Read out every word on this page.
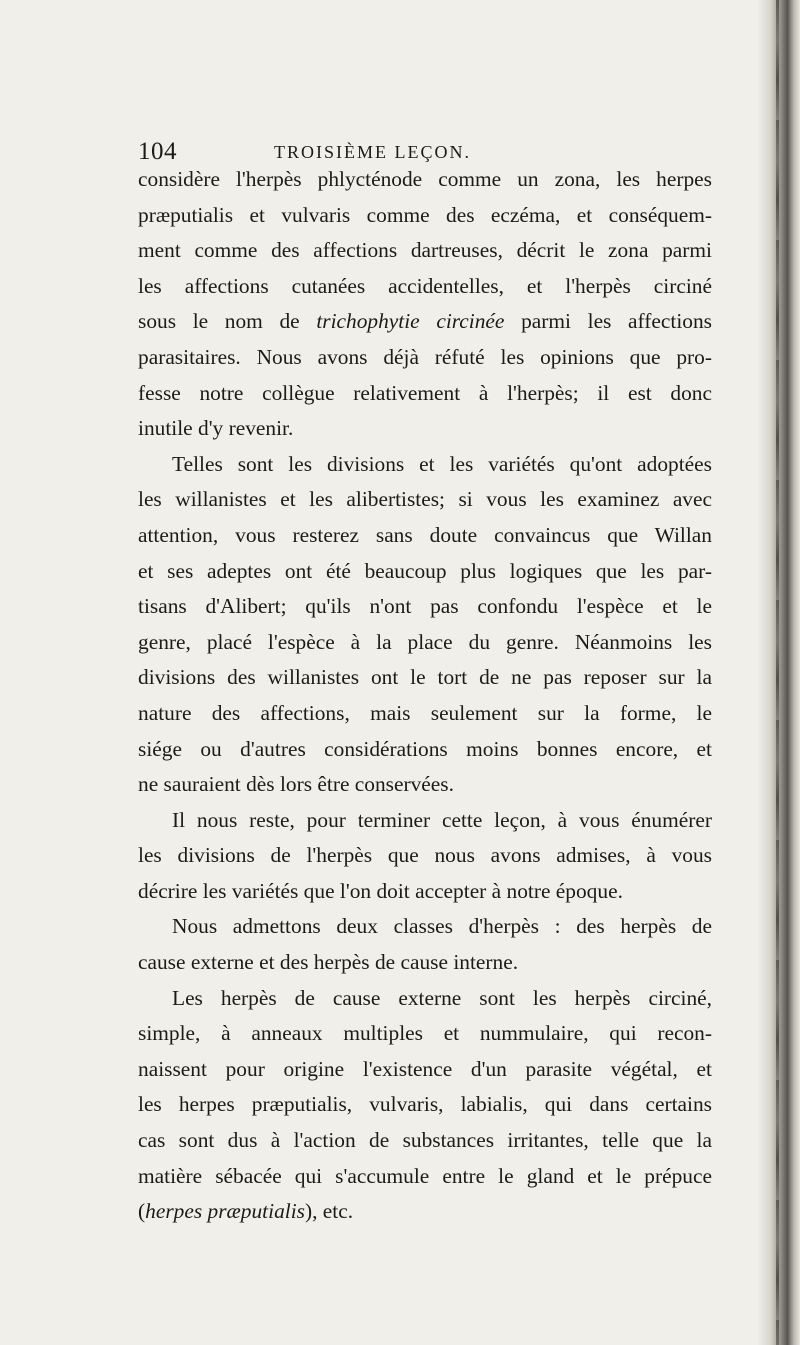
104	TROISIÈME LEÇON.

considère l'herpès phlycténode comme un zona, les herpes
præputialis et vulvaris comme des eczéma, et conséquem-
ment comme des affections dartreuses, décrit le zona parmi
les affections cutanées accidentelles, et l'herpès circiné
sous le nom de trichophytie circinée parmi les affections
parasitaires. Nous avons déjà réfuté les opinions que pro-
fesse notre collègue relativement à l'herpès; il est donc
inutile d'y revenir.

Telles sont les divisions et les variétés qu'ont adoptées
les willanistes et les alibertistes; si vous les examinez avec
attention, vous resterez sans doute convaincus que Willan
et ses adeptes ont été beaucoup plus logiques que les par-
tisans d'Alibert; qu'ils n'ont pas confondu l'espèce et le
genre, placé l'espèce à la place du genre. Néanmoins les
divisions des willanistes ont le tort de ne pas reposer sur la
nature des affections, mais seulement sur la forme, le
siége ou d'autres considérations moins bonnes encore, et
ne sauraient dès lors être conservées.

Il nous reste, pour terminer cette leçon, à vous énumérer
les divisions de l'herpès que nous avons admises, à vous
décrire les variétés que l'on doit accepter à notre époque.

Nous admettons deux classes d'herpès : des herpès de
cause externe et des herpès de cause interne.

Les herpès de cause externe sont les herpès circiné,
simple, à anneaux multiples et nummulaire, qui recon-
naissent pour origine l'existence d'un parasite végétal, et
les herpes præputialis, vulvaris, labialis, qui dans certains
cas sont dus à l'action de substances irritantes, telle que la
matière sébacée qui s'accumule entre le gland et le prépuce
(herpes præputialis), etc.
